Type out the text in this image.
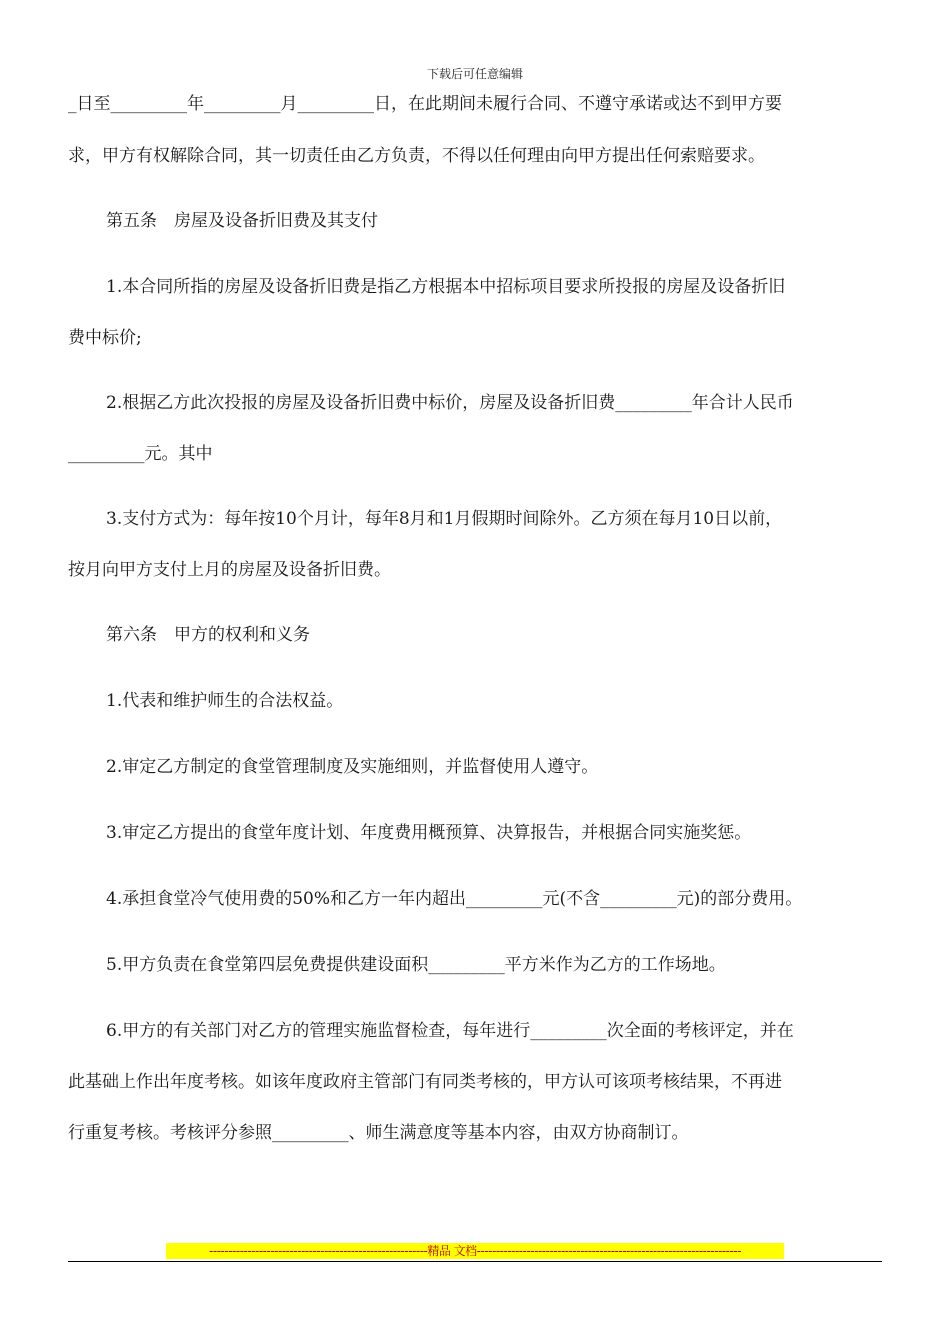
下载后可任意编辑

_日至_________年_________月_________日，在此期间未履行合同、不遵守承诺或达不到甲方要

求，甲方有权解除合同，其一切责任由乙方负责，不得以任何理由向甲方提出任何索赔要求。

第五条　房屋及设备折旧费及其支付

1.本合同所指的房屋及设备折旧费是指乙方根据本中招标项目要求所投报的房屋及设备折旧

费中标价;

2.根据乙方此次投报的房屋及设备折旧费中标价，房屋及设备折旧费_________年合计人民币

_________元。其中

3.支付方式为：每年按10个月计，每年8月和1月假期时间除外。乙方须在每月10日以前，

按月向甲方支付上月的房屋及设备折旧费。

第六条　甲方的权利和义务

1.代表和维护师生的合法权益。

2.审定乙方制定的食堂管理制度及实施细则，并监督使用人遵守。

3.审定乙方提出的食堂年度计划、年度费用概预算、决算报告，并根据合同实施奖惩。

4.承担食堂冷气使用费的50%和乙方一年内超出_________元(不含_________元)的部分费用。

5.甲方负责在食堂第四层免费提供建设面积_________平方米作为乙方的工作场地。

6.甲方的有关部门对乙方的管理实施监督检查，每年进行_________次全面的考核评定，并在

此基础上作出年度考核。如该年度政府主管部门有同类考核的，甲方认可该项考核结果，不再进

行重复考核。考核评分参照_________、师生满意度等基本内容，由双方协商制订。

---------------------------------------------------------精品 文档---------------------------------------------------------------------
